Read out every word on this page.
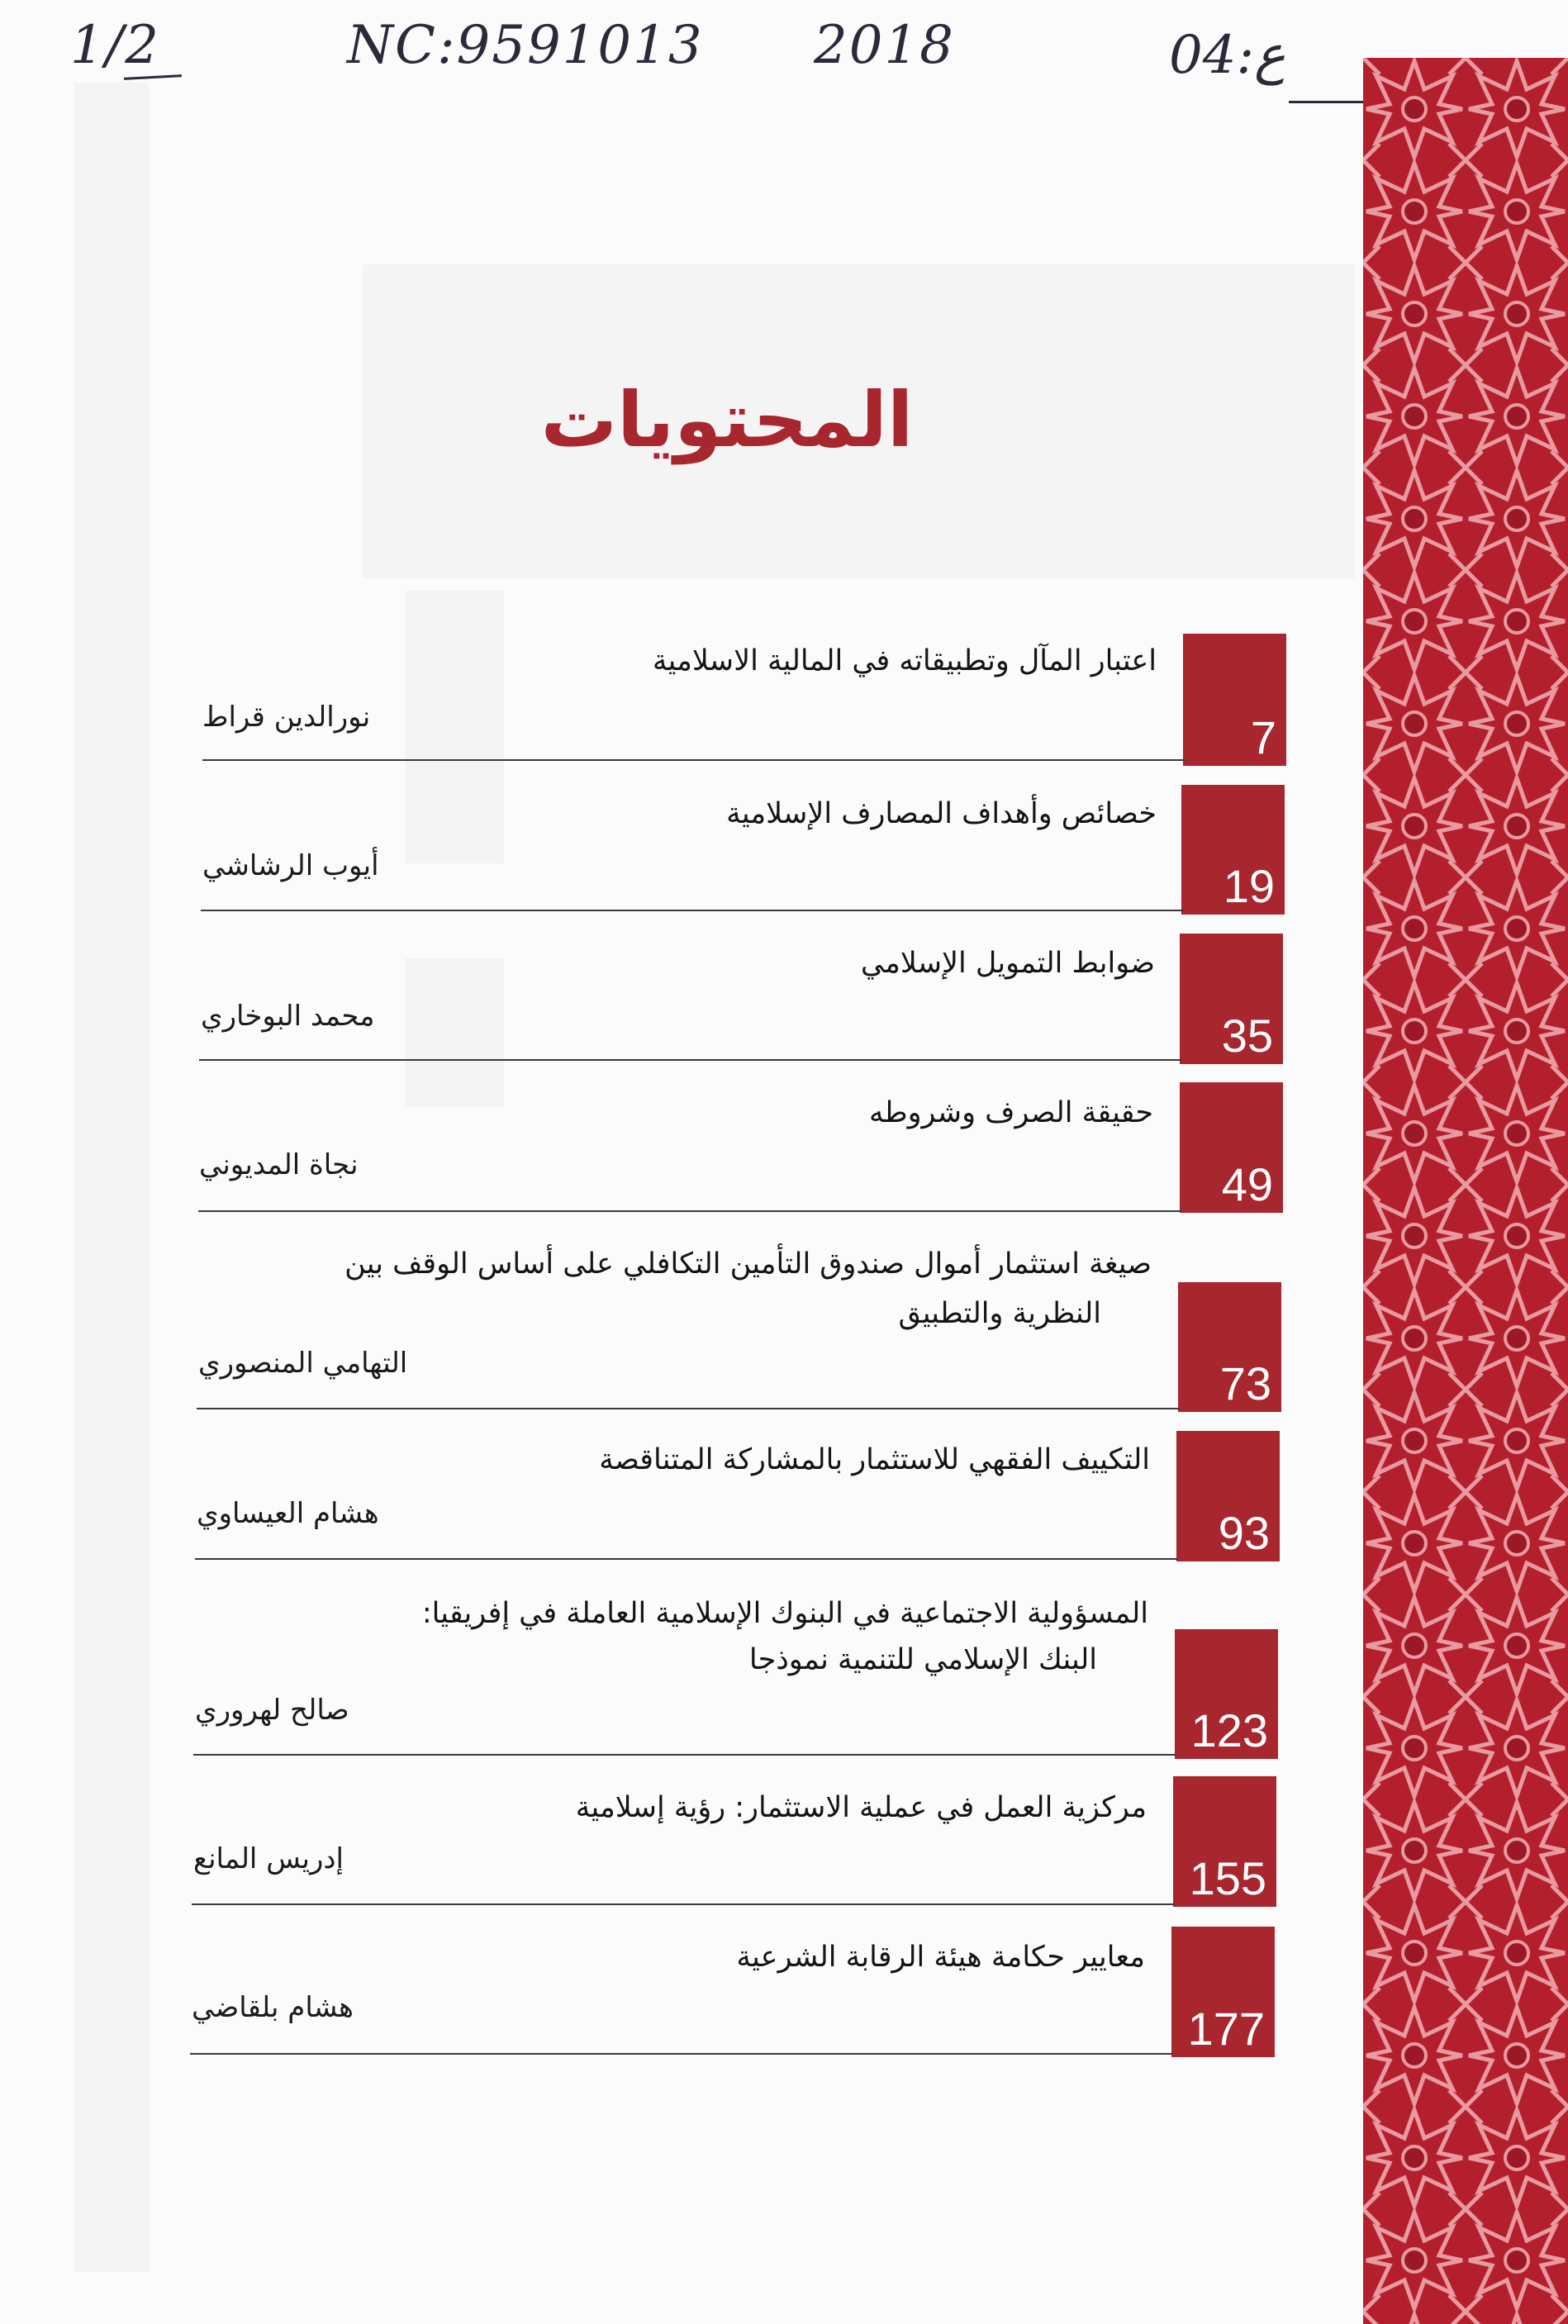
1/2	NC:9591013 2018	04:ع
المحتويات
اعتبار المآل وتطبيقاته في المالية الاسلامية
نورالدين قراط	7
خصائص وأهداف المصارف الإسلامية
أيوب الرشاشي	19
ضوابط التمويل الإسلامي
محمد البوخاري	35
حقيقة الصرف وشروطه
نجاة المديوني	49
صيغة استثمار أموال صندوق التأمين التكافلي على أساس الوقف بين
النظرية والتطبيق
التهامي المنصوري	73
التكييف الفقهي للاستثمار بالمشاركة المتناقصة
هشام العيساوي	93
المسؤولية الاجتماعية في البنوك الإسلامية العاملة في إفريقيا:
البنك الإسلامي للتنمية نموذجا
صالح لهروري	123
مركزية العمل في عملية الاستثمار: رؤية إسلامية
إدريس المانع	155
معايير حكامة هيئة الرقابة الشرعية
هشام بلقاضي	177
